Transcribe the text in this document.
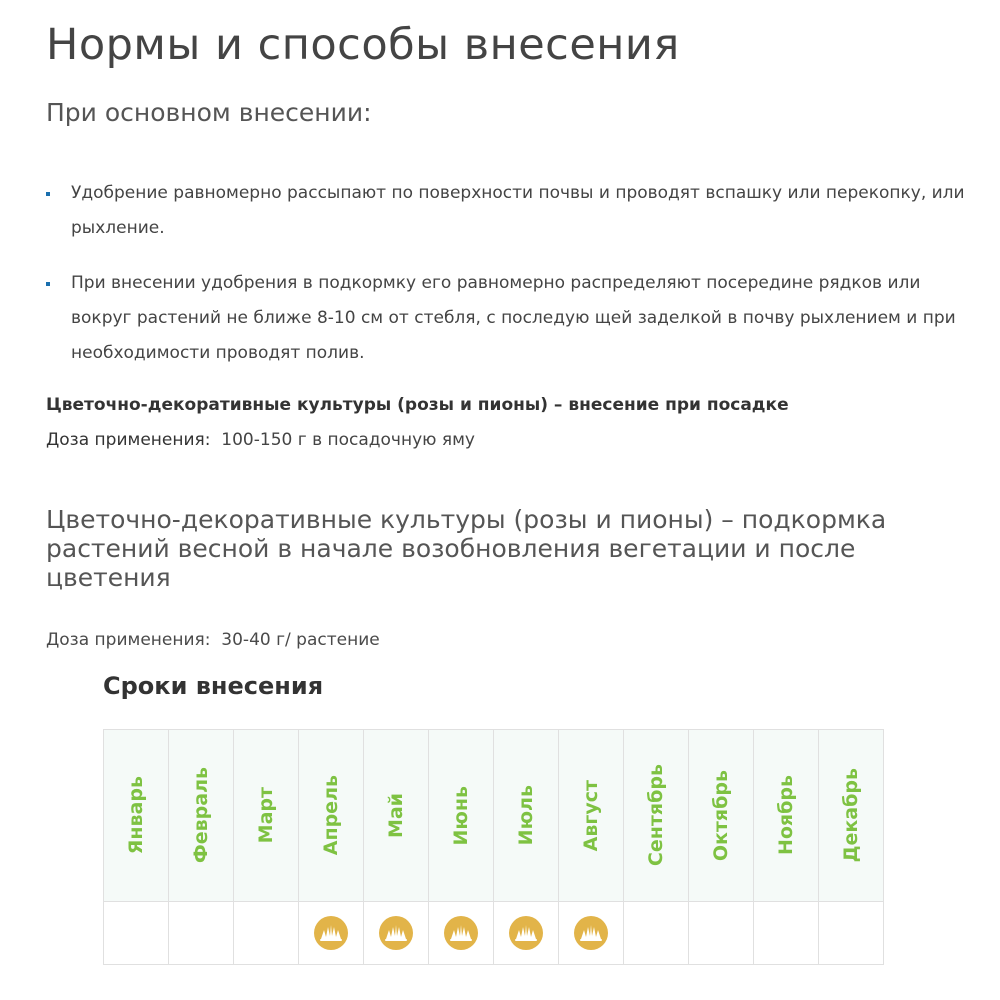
Нормы и способы внесения
При основном внесении:
Удобрение равномерно рассыпают по поверхности почвы и проводят вспашку или перекопку, или рыхление.
При внесении удобрения в подкормку его равномерно распределяют посередине рядков или вокруг растений не ближе 8-10 см от стебля, с последую щей заделкой в почву рыхлением и при необходимости проводят полив.

Цветочно-декоративные культуры (розы и пионы) – внесение при посадке

Доза применения: 100-150 г в посадочную яму

Цветочно-декоративные культуры (розы и пионы) – подкормка растений весной в начале возобновления вегетации и после цветения

Доза применения: 30-40 г/ растение

Сроки внесения
Январь	Февраль	Март	Апрель	Май	Июнь	Июль	Август	Сентябрь	Октябрь	Ноябрь	Декабрь
